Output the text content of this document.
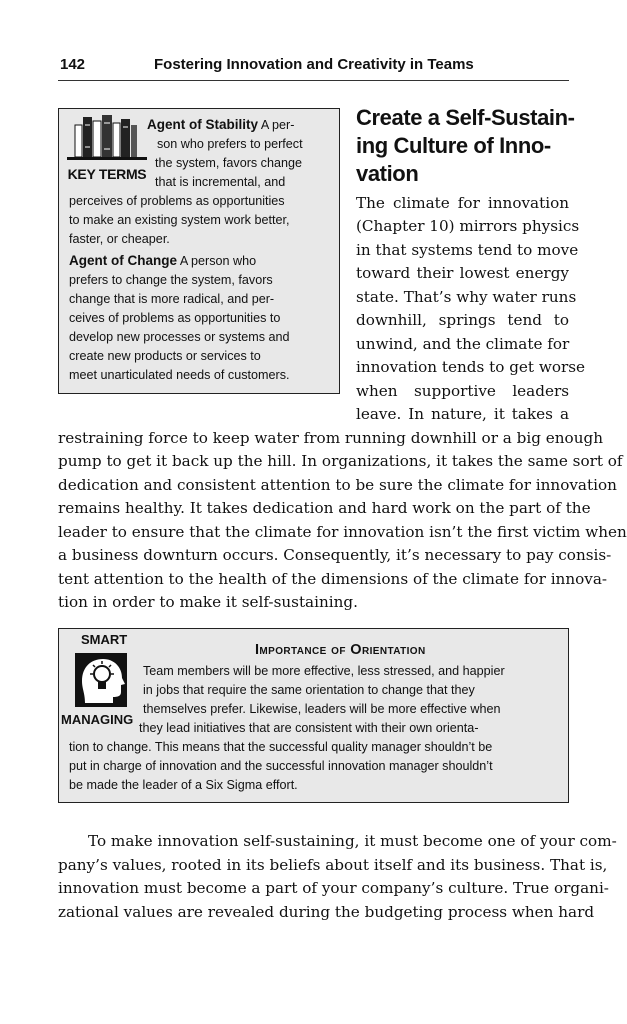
142	Fostering Innovation and Creativity in Teams
KEY TERMS
Agent of Stability A per-
son who prefers to perfect
the system, favors change
that is incremental, and
perceives of problems as opportunities
to make an existing system work better,
faster, or cheaper.
Agent of Change A person who
prefers to change the system, favors
change that is more radical, and per-
ceives of problems as opportunities to
develop new processes or systems and
create new products or services to
meet unarticulated needs of customers.
Create a Self-Sustain-
ing Culture of Inno-
vation
The climate for innovation
(Chapter 10) mirrors physics
in that systems tend to move
toward their lowest energy
state. That’s why water runs
downhill, springs tend to
unwind, and the climate for
innovation tends to get worse
when supportive leaders
leave. In nature, it takes a
restraining force to keep water from running downhill or a big enough
pump to get it back up the hill. In organizations, it takes the same sort of
dedication and consistent attention to be sure the climate for innovation
remains healthy. It takes dedication and hard work on the part of the
leader to ensure that the climate for innovation isn’t the first victim when
a business downturn occurs. Consequently, it’s necessary to pay consis-
tent attention to the health of the dimensions of the climate for innova-
tion in order to make it self-sustaining.
SMART
MANAGING
Importance of Orientation
Team members will be more effective, less stressed, and happier
in jobs that require the same orientation to change that they
themselves prefer. Likewise, leaders will be more effective when
they lead initiatives that are consistent with their own orienta-
tion to change. This means that the successful quality manager shouldn’t be
put in charge of innovation and the successful innovation manager shouldn’t
be made the leader of a Six Sigma effort.
To make innovation self-sustaining, it must become one of your com-
pany’s values, rooted in its beliefs about itself and its business. That is,
innovation must become a part of your company’s culture. True organi-
zational values are revealed during the budgeting process when hard
